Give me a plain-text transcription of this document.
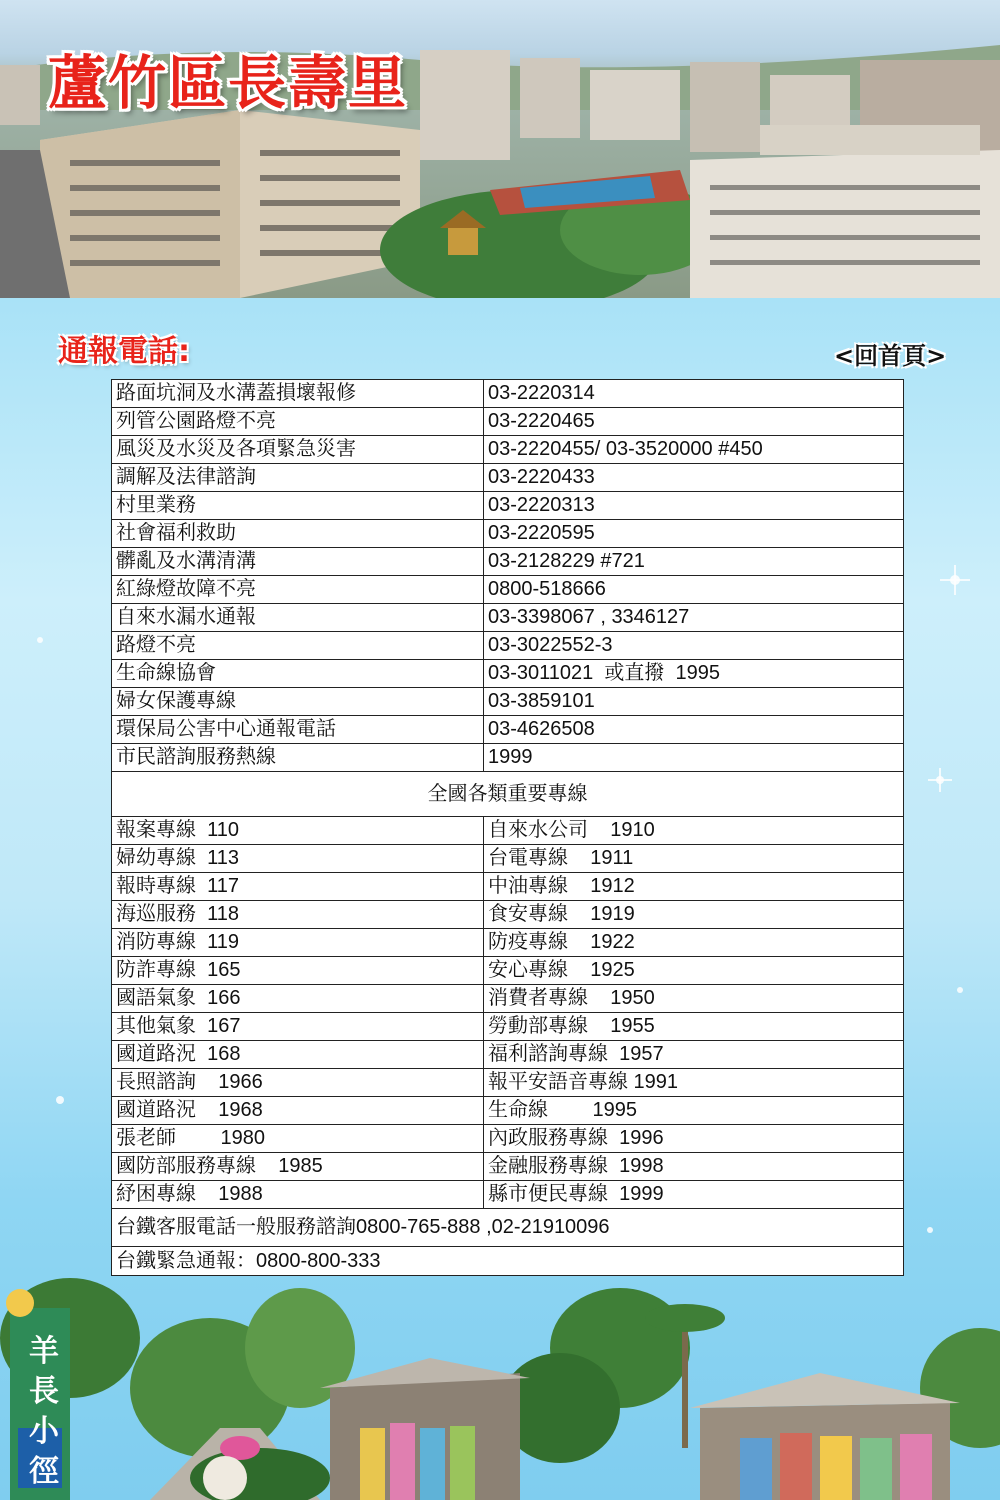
蘆竹區長壽里
通報電話:	<回首頁>
路面坑洞及水溝蓋損壞報修	03-2220314
列管公園路燈不亮	03-2220465
風災及水災及各項緊急災害	03-2220455/ 03-3520000 #450
調解及法律諮詢	03-2220433
村里業務	03-2220313
社會福利救助	03-2220595
髒亂及水溝清溝	03-2128229 #721
紅綠燈故障不亮	0800-518666
自來水漏水通報	03-3398067 , 3346127
路燈不亮	03-3022552-3
生命線協會	03-3011021  或直撥  1995
婦女保護專線	03-3859101
環保局公害中心通報電話	03-4626508
市民諮詢服務熱線	1999
全國各類重要專線	
報案專線  110	自來水公司    1910
婦幼專線  113	台電專線    1911
報時專線  117	中油專線    1912
海巡服務  118	食安專線    1919
消防專線  119	防疫專線    1922
防詐專線  165	安心專線    1925
國語氣象  166	消費者專線    1950
其他氣象  167	勞動部專線    1955
國道路況  168	福利諮詢專線  1957
長照諮詢    1966	報平安語音專線 1991
國道路況    1968	生命線        1995
張老師        1980	內政服務專線  1996
國防部服務專線    1985	金融服務專線  1998
紓困專線    1988	縣市便民專線  1999
台鐵客服電話一般服務諮詢0800-765-888 ,02-21910096	
台鐵緊急通報：0800-800-333	
羊長小徑
